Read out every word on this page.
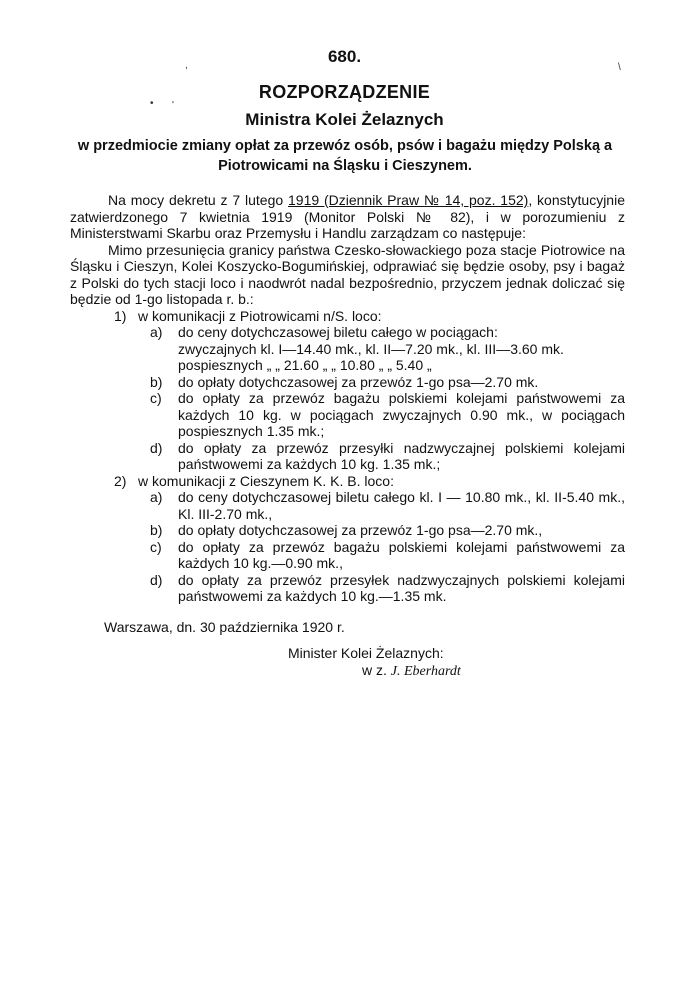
,
• '
\
680.
ROZPORZĄDZENIE
Ministra Kolei Żelaznych
w przedmiocie zmiany opłat za przewóz osób, psów i bagażu między Polską a Piotrowicami na Śląsku i Cieszynem.
Na mocy dekretu z 7 lutego 1919 (Dziennik Praw № 14, poz. 152), konstytucyjnie zatwierdzonego 7 kwietnia 1919 (Monitor Polski № 82), i w porozumieniu z Ministerstwami Skarbu oraz Przemysłu i Handlu zarządzam co następuje:
Mimo przesunięcia granicy państwa Czesko-słowackiego poza stacje Piotrowice na Śląsku i Cieszyn, Kolei Koszycko-Bogumińskiej, odprawiać się będzie osoby, psy i bagaż z Polski do tych stacji loco i naodwrót nadal bezpośrednio, przyczem jednak doliczać się będzie od 1-go listopada r. b.:
1) w komunikacji z Piotrowicami n/S. loco:
a)	do ceny dotychczasowej biletu całego w pociągach:
zwyczajnych kl. I—14.40 mk., kl. II—7.20 mk., kl. III—3.60 mk.
pospiesznych „ „ 21.60 „ „ 10.80 „ „ 5.40 „
b)	do opłaty dotychczasowej za przewóz 1-go psa—2.70 mk.
c)	do opłaty za przewóz bagażu polskiemi kolejami państwowemi za każdych 10 kg. w pociągach zwyczajnych 0.90 mk., w pociągach pospiesznych 1.35 mk.;
d)	do opłaty za przewóz przesyłki nadzwyczajnej polskiemi kolejami państwowemi za każdych 10 kg. 1.35 mk.;
2) w komunikacji z Cieszynem K. K. B. loco:
a)	do ceny dotychczasowej biletu całego kl. I — 10.80 mk., kl. II-5.40 mk., Kl. III-2.70 mk.,
b)	do opłaty dotychczasowej za przewóz 1-go psa—2.70 mk.,
c)	do opłaty za przewóz bagażu polskiemi kolejami państwowemi za każdych 10 kg.—0.90 mk.,
d)	do opłaty za przewóz przesyłek nadzwyczajnych polskiemi kolejami państwowemi za każdych 10 kg.—1.35 mk.
Warszawa, dn. 30 października 1920 r.
Minister Kolei Żelaznych:
w z. J. Eberhardt
